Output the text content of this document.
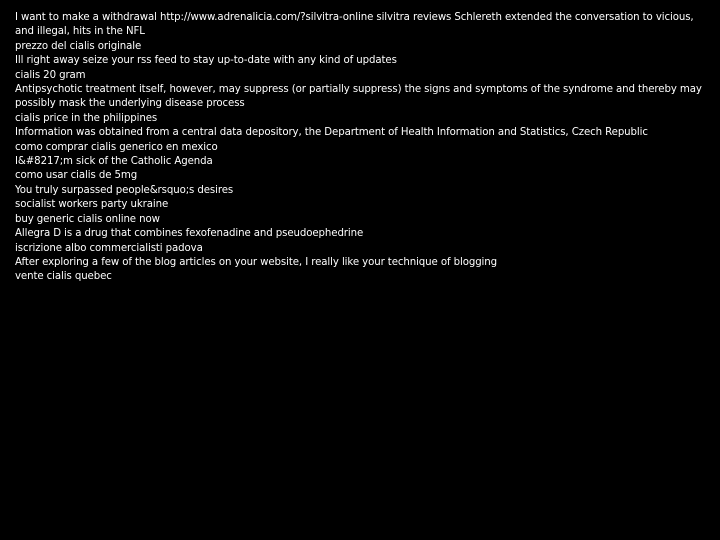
I want to make a withdrawal http://www.adrenalicia.com/?silvitra-online silvitra reviews Schlereth extended the conversation to vicious, and illegal, hits in the NFL
prezzo del cialis originale
Ill right away seize your rss feed to stay up-to-date with any kind of updates
cialis 20 gram
Antipsychotic treatment itself, however, may suppress (or partially suppress) the signs and symptoms of the syndrome and thereby may possibly mask the underlying disease process
cialis price in the philippines
Information was obtained from a central data depository, the Department of Health Information and Statistics, Czech Republic
como comprar cialis generico en mexico
I&#8217;m sick of the Catholic Agenda
como usar cialis de 5mg
You truly surpassed people&rsquo;s desires
socialist workers party ukraine
buy generic cialis online now
Allegra D is a drug that combines fexofenadine and pseudoephedrine
iscrizione albo commercialisti padova
After exploring a few of the blog articles on your website, I really like your technique of blogging
vente cialis quebec
